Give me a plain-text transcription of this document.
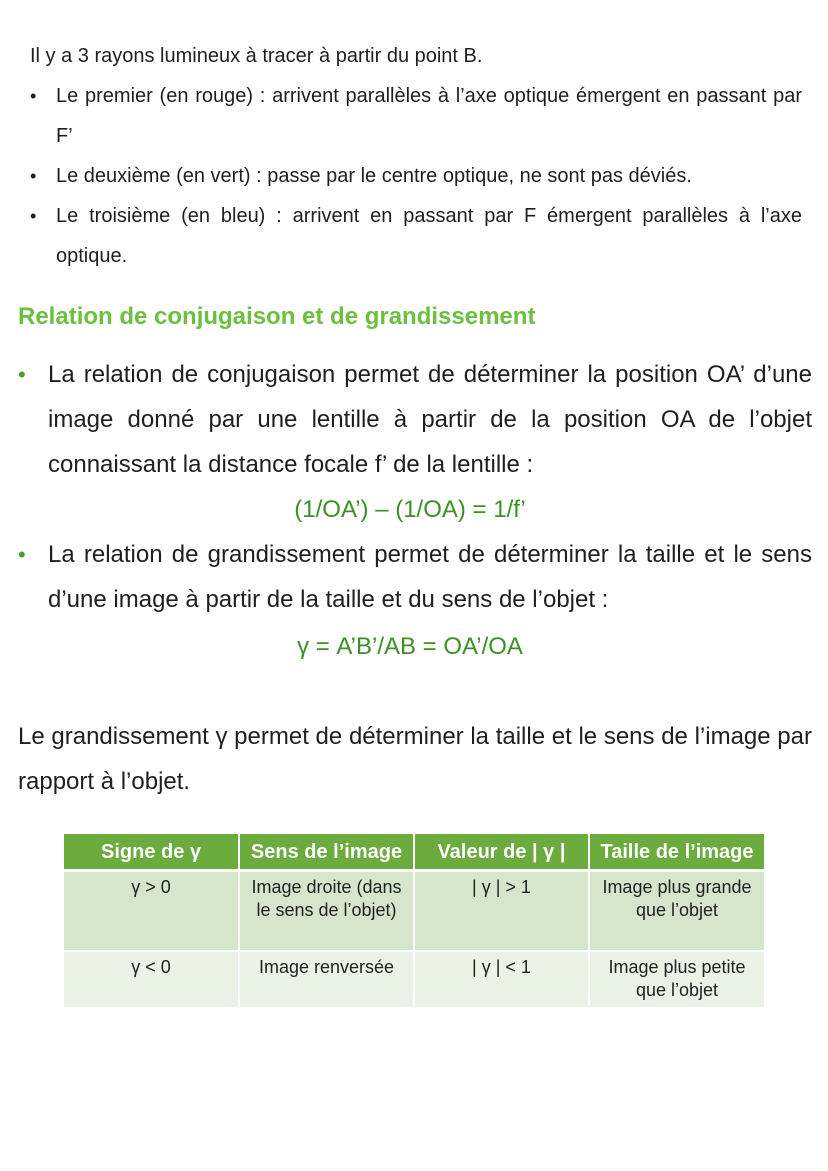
Il y a 3 rayons lumineux à tracer à partir du point B.

• Le premier (en rouge) : arrivent parallèles à l’axe optique émergent en passant par F’
• Le deuxième (en vert) : passe par le centre optique, ne sont pas déviés.
• Le troisième (en bleu) : arrivent en passant par F émergent parallèles à l’axe optique.
Relation de conjugaison et de grandissement

• La relation de conjugaison permet de déterminer la position OA’ d’une image donné par une lentille à partir de la position OA de l’objet connaissant la distance focale f’ de la lentille :

(1/OA’) – (1/OA) = 1/f’

• La relation de grandissement permet de déterminer la taille et le sens d’une image à partir de la taille et du sens de l’objet :

γ = A’B’/AB = OA’/OA

Le grandissement γ permet de déterminer la taille et le sens de l’image par rapport à l’objet.

Signe de γ	Sens de l’image	Valeur de | γ |	Taille de l’image
γ > 0	Image droite (dans le sens de l’objet)	| γ | > 1	Image plus grande que l’objet
γ < 0	Image renversée	| γ | < 1	Image plus petite que l’objet
